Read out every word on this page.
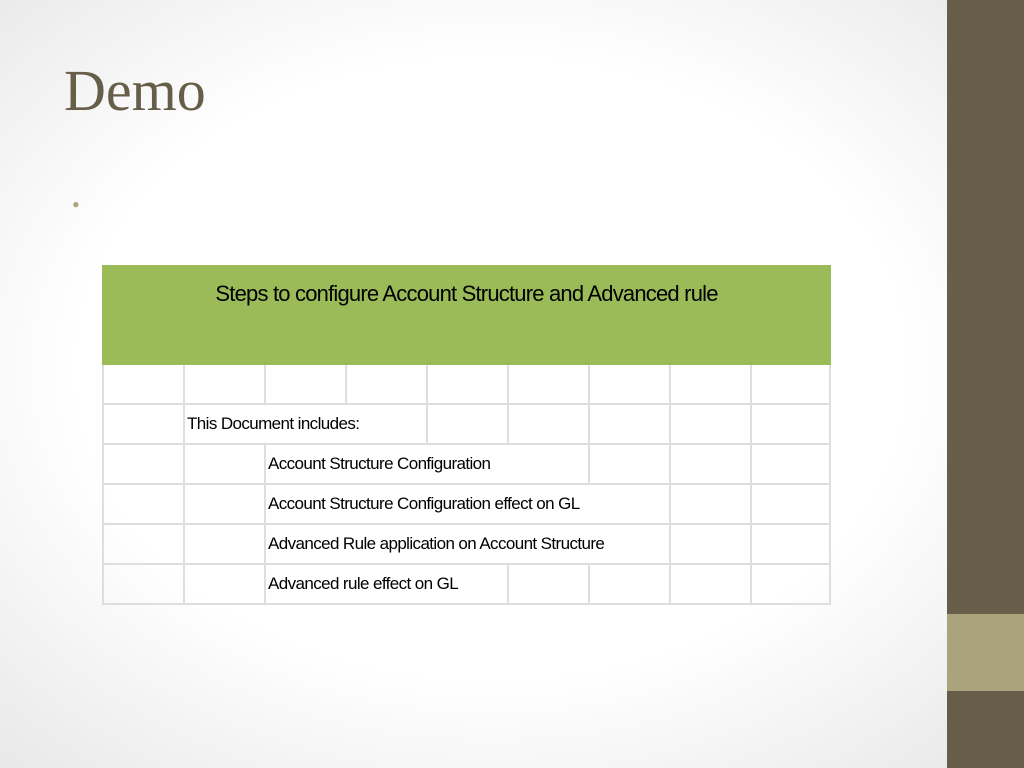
Demo
•
Steps to configure Account Structure and Advanced rule								

	This Document includes:							
		Account Structure Configuration						
		Account Structure Configuration effect on GL						
		Advanced Rule application on Account Structure						
		Advanced rule effect on GL						
